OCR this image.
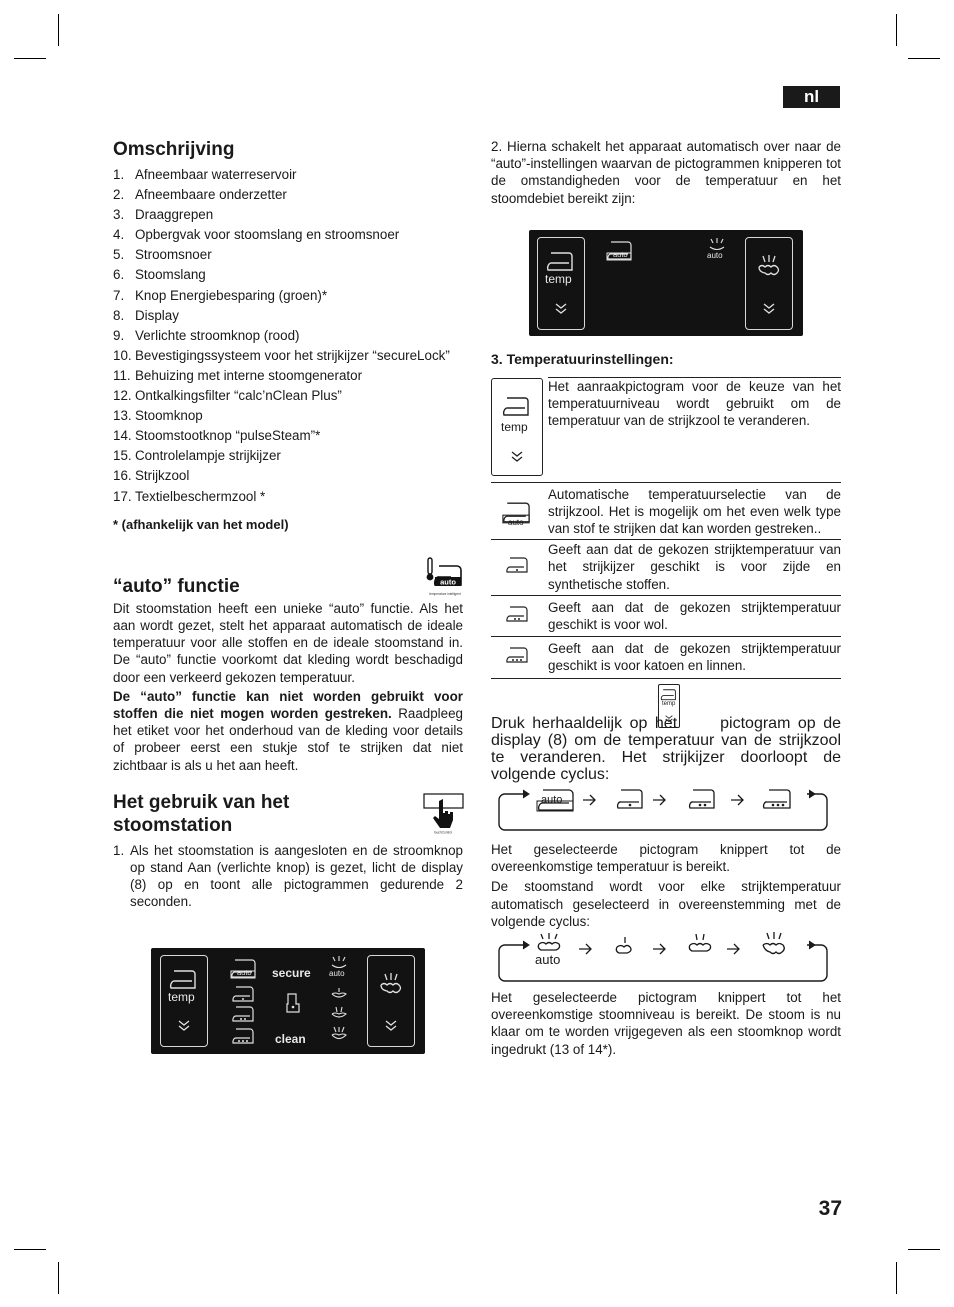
nl
37
Omschrijving
1. Afneembaar waterreservoir
2. Afneembaare onderzetter
3. Draaggrepen
4. Opbergvak voor stoomslang en stroomsnoer
5. Stroomsnoer
6. Stoomslang
7. Knop Energiebesparing (groen)*
8. Display
9. Verlichte stroomknop (rood)
10. Bevestigingssysteem voor het strijkijzer “secureLock”
11. Behuizing met interne stoomgenerator
12. Ontkalkingsfilter “calc’nClean Plus”
13. Stoomknop
14. Stoomstootknop “pulseSteam”*
15. Controlelampje strijkijzer
16. Strijkzool
17. Textielbeschermzool *
* (afhankelijk van het model)
“auto” functie	auto
temperature intelligent

Dit stoomstation heeft een unieke “auto” functie. Als het aan wordt gezet, stelt het apparaat automatisch de ideale temperatuur voor alle stoffen en de ideale stoomstand in. De “auto” functie voorkomt dat kleding wordt beschadigd door een verkeerd gekozen temperatuur.

De “auto” functie kan niet worden gebruikt voor stoffen die niet mogen worden gestreken. Raadpleeg het etiket voor het onderhoud van de kleding voor details of probeer eerst een stukje stof te strijken dat niet zichtbaar is als u het aan heeft.

Het gebruik van het
stoomstation	touchControl
1. Als het stoomstation is aangesloten en de stroomknop op stand Aan (verlichte knop) is gezet, licht de display (8) op en toont alle pictogrammen gedurende 2 seconden.

temp
auto secure
clean
auto

2. Hierna schakelt het apparaat automatisch over naar de “auto”-instellingen waarvan de pictogrammen knipperen tot de omstandigheden voor de temperatuur en het stoomdebiet bereikt zijn:

temp
auto	auto
3. Temperatuurinstellingen:
temp	Het aanraakpictogram voor de keuze van het temperatuurniveau wordt gebruikt om de temperatuur van de strijkzool te veranderen.

auto	Automatische temperatuurselectie van de strijkzool. Het is mogelijk om het even welk type van stof te strijken dat kan worden gestreken..

	Geeft aan dat de gekozen strijktemperatuur van het strijkijzer geschikt is voor zijde en synthetische stoffen.

	Geeft aan dat de gekozen strijktemperatuur geschikt is voor wol.

	Geeft aan dat de gekozen strijktemperatuur geschikt is voor katoen en linnen.
temp

Druk herhaaldelijk op het  pictogram op de display (8) om de temperatuur van de strijkzool te veranderen. Het strijkijzer doorloopt de volgende cyclus:

auto

Het geselecteerde pictogram knippert tot de overeenkomstige temperatuur is bereikt.

De stoomstand wordt voor elke strijktemperatuur automatisch geselecteerd in overeenstemming met de volgende cyclus:

auto

Het geselecteerde pictogram knippert tot het overeenkomstige stoomniveau is bereikt. De stoom is nu klaar om te worden vrijgegeven als een stoomknop wordt ingedrukt (13 of 14*).
